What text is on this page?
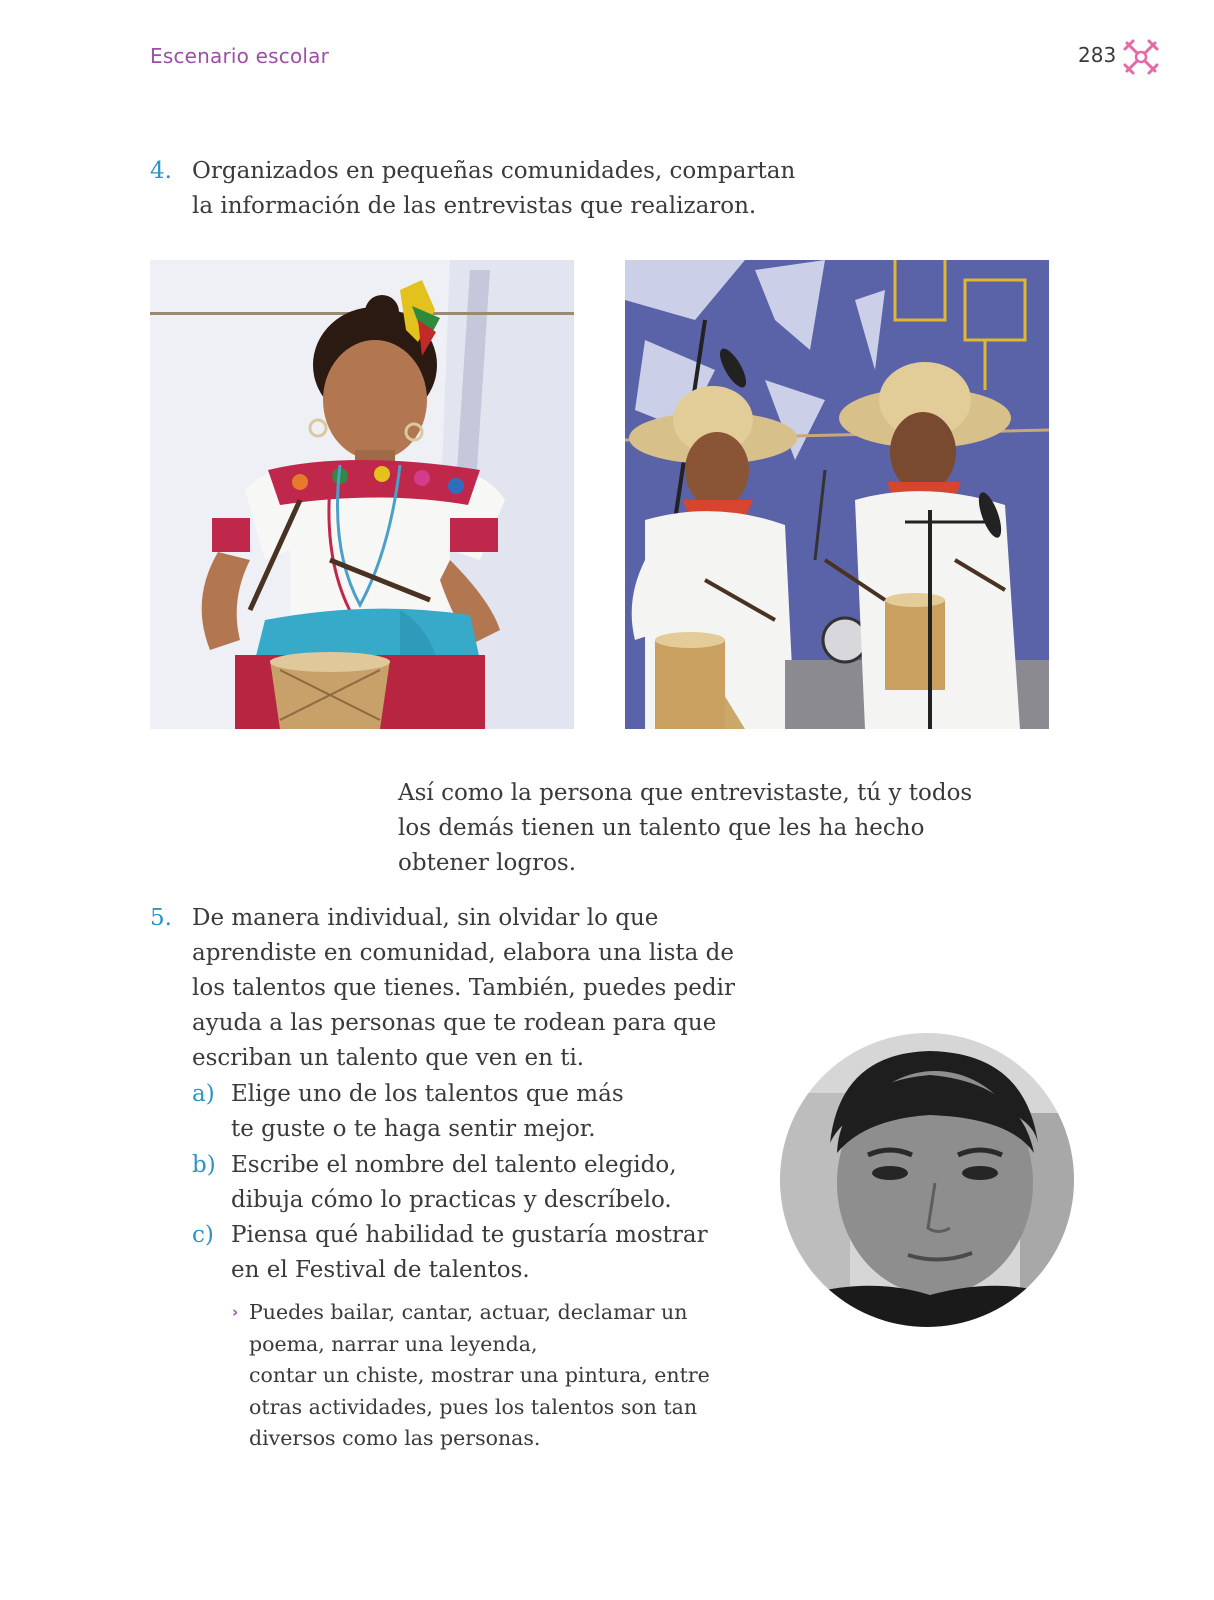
Escenario escolar	283
4. Organizados en pequeñas comunidades, compartan

la información de las entrevistas que realizaron.

Así como la persona que entrevistaste, tú y todos
los demás tienen un talento que les ha hecho
obtener logros.
5. De manera individual, sin olvidar lo que

aprendiste en comunidad, elabora una lista de

los talentos que tienes. También, puedes pedir

ayuda a las personas que te rodean para que

escriban un talento que ven en ti.

a) Elige uno de los talentos que más
te guste o te haga sentir mejor.
b) Escribe el nombre del talento elegido,
dibuja cómo lo practicas y descríbelo.
c) Piensa qué habilidad te gustaría mostrar
en el Festival de talentos.
› Puedes bailar, cantar, actuar, declamar un
poema, narrar una leyenda,
contar un chiste, mostrar una pintura, entre
otras actividades, pues los talentos son tan
diversos como las personas.
